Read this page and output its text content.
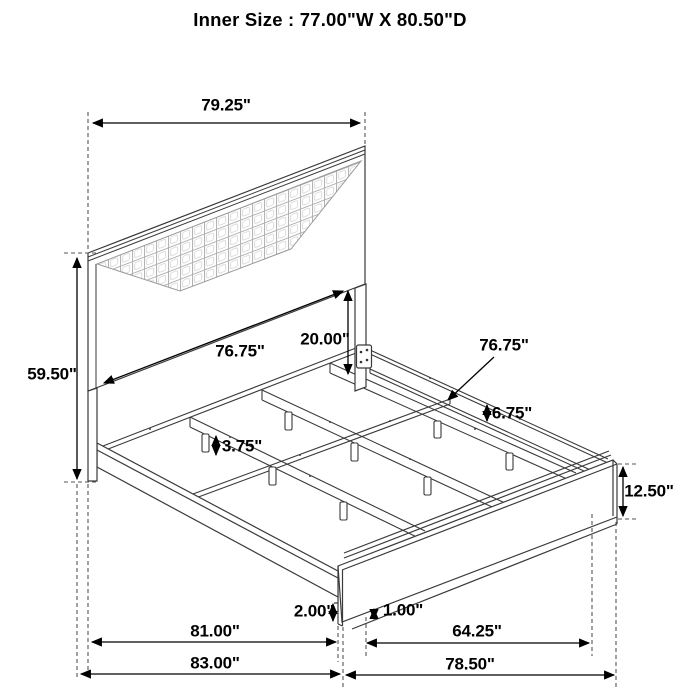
Inner Size : 77.00"W X 80.50"D
79.25"
59.50"
76.75"
20.00"	76.75"
6.75"
3.75"
12.50"
2.00"	1.00"
81.00"	64.25"
83.00"	78.50"
